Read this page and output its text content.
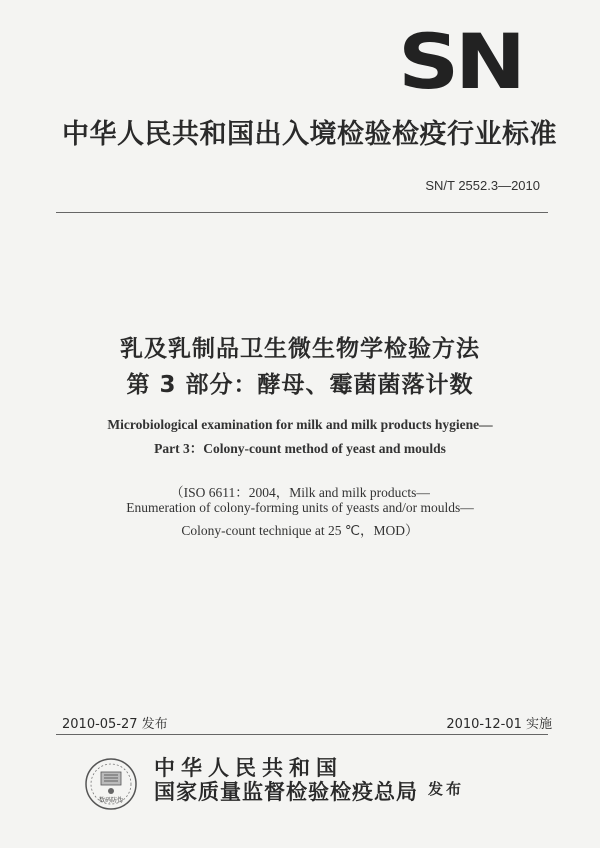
SN
中华人民共和国出入境检验检疫行业标准
SN/T 2552.3—2010
乳及乳制品卫生微生物学检验方法
第 3 部分：酵母、霉菌菌落计数
Microbiological examination for milk and milk products hygiene—
Part 3：Colony-count method of yeast and moulds
（ISO 6611：2004，Milk and milk products—
Enumeration of colony-forming units of yeasts and/or moulds—
Colony-count technique at 25 ℃，MOD）
2010-05-27 发布	2010-12-01 实施
数码防伪
中华人民共和国
国家质量监督检验检疫总局 发布
